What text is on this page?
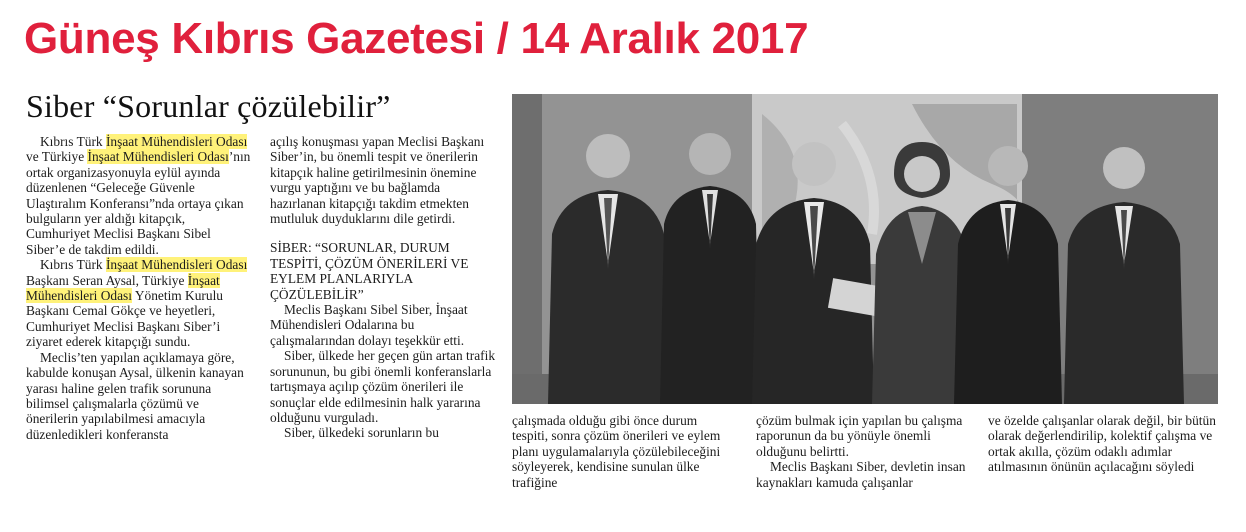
Güneş Kıbrıs Gazetesi / 14 Aralık 2017
Siber “Sorunlar çözülebilir”

Kıbrıs Türk İnşaat Mühendisleri Odası ve Türkiye İnşaat Mühendisleri Odası’nın ortak organizasyonuyla eylül ayında düzenlenen “Geleceğe Güvenle Ulaştıralım Konferansı”nda ortaya çıkan bulguların yer aldığı kitapçık, Cumhuriyet Meclisi Başkanı Sibel Siber’e de takdim edildi.

Kıbrıs Türk İnşaat Mühendisleri Odası Başkanı Seran Aysal, Türkiye İnşaat Mühendisleri Odası Yönetim Kurulu Başkanı Cemal Gökçe ve heyetleri, Cumhuriyet Meclisi Başkanı Siber’i ziyaret ederek kitapçığı sundu.

Meclis’ten yapılan açıklamaya göre, kabulde konuşan Aysal, ülkenin kanayan yarası haline gelen trafik sorununa bilimsel çalışmalarla çözümü ve önerilerin yapılabilmesi amacıyla düzenledikleri konferansta

açılış konuşması yapan Meclisi Başkanı Siber’in, bu önemli tespit ve önerilerin kitapçık haline getirilmesinin önemine vurgu yaptığını ve bu bağlamda hazırlanan kitapçığı takdim etmekten mutluluk duyduklarını dile getirdi.

SİBER: “SORUNLAR, DURUM TESPİTİ, ÇÖZÜM ÖNERİLERİ VE EYLEM PLANLARIYLA ÇÖZÜLEBİLİR”

Meclis Başkanı Sibel Siber, İnşaat Mühendisleri Odalarına bu çalışmalarından dolayı teşekkür etti.

Siber, ülkede her geçen gün artan trafik sorununun, bu gibi önemli konferanslarla tartışmaya açılıp çözüm önerileri ile sonuçlar elde edilmesinin halk yararına olduğunu vurguladı.

Siber, ülkedeki sorunların bu

çalışmada olduğu gibi önce durum tespiti, sonra çözüm önerileri ve eylem planı uygulamalarıyla çözülebileceğini söyleyerek, kendisine sunulan ülke trafiğine

çözüm bulmak için yapılan bu çalışma raporunun da bu yönüyle önemli olduğunu belirtti.

Meclis Başkanı Siber, devletin insan kaynakları kamuda çalışanlar

ve özelde çalışanlar olarak değil, bir bütün olarak değerlendirilip, kolektif çalışma ve ortak akılla, çözüm odaklı adımlar atılmasının önünün açılacağını söyledi
